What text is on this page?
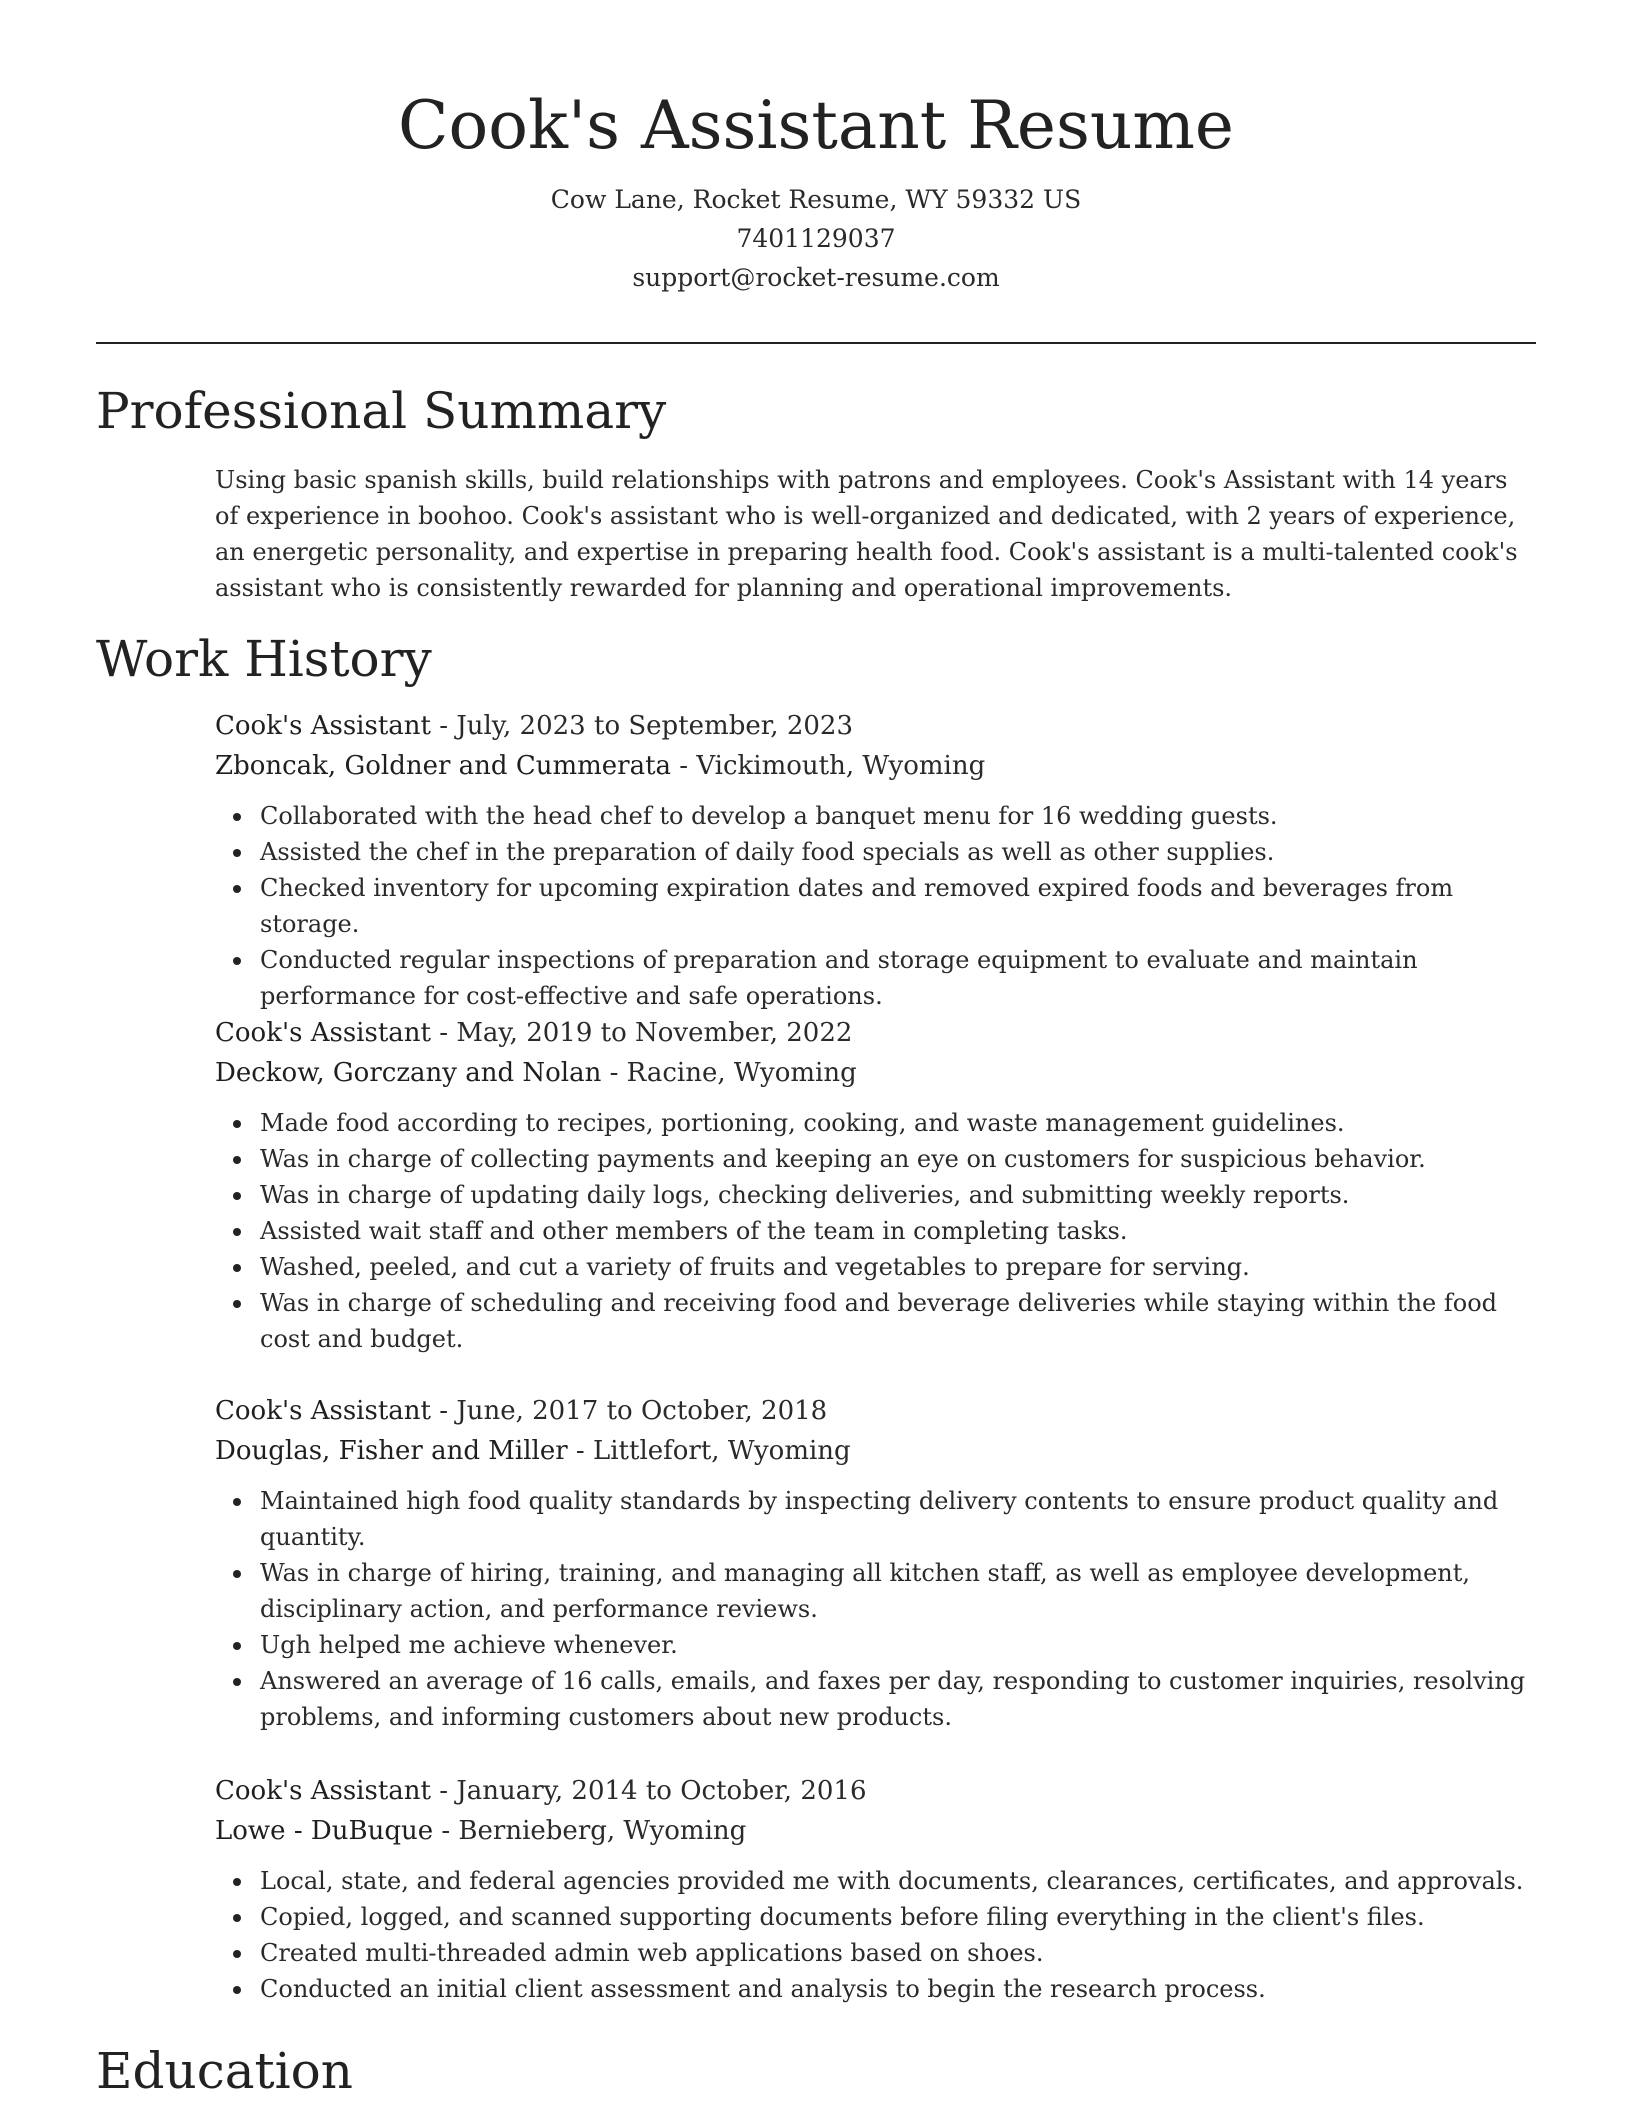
Cook's Assistant Resume
Cow Lane, Rocket Resume, WY 59332 US
7401129037
support@rocket-resume.com
Professional Summary
Using basic spanish skills, build relationships with patrons and employees. Cook's Assistant with 14 years of experience in boohoo. Cook's assistant who is well-organized and dedicated, with 2 years of experience, an energetic personality, and expertise in preparing health food. Cook's assistant is a multi-talented cook's assistant who is consistently rewarded for planning and operational improvements.
Work History
Cook's Assistant - July, 2023 to September, 2023
Zboncak, Goldner and Cummerata - Vickimouth, Wyoming
Collaborated with the head chef to develop a banquet menu for 16 wedding guests.
Assisted the chef in the preparation of daily food specials as well as other supplies.
Checked inventory for upcoming expiration dates and removed expired foods and beverages from storage.
Conducted regular inspections of preparation and storage equipment to evaluate and maintain performance for cost-effective and safe operations.
Cook's Assistant - May, 2019 to November, 2022
Deckow, Gorczany and Nolan - Racine, Wyoming
Made food according to recipes, portioning, cooking, and waste management guidelines.
Was in charge of collecting payments and keeping an eye on customers for suspicious behavior.
Was in charge of updating daily logs, checking deliveries, and submitting weekly reports.
Assisted wait staff and other members of the team in completing tasks.
Washed, peeled, and cut a variety of fruits and vegetables to prepare for serving.
Was in charge of scheduling and receiving food and beverage deliveries while staying within the food cost and budget.
Cook's Assistant - June, 2017 to October, 2018
Douglas, Fisher and Miller - Littlefort, Wyoming
Maintained high food quality standards by inspecting delivery contents to ensure product quality and quantity.
Was in charge of hiring, training, and managing all kitchen staff, as well as employee development, disciplinary action, and performance reviews.
Ugh helped me achieve whenever.
Answered an average of 16 calls, emails, and faxes per day, responding to customer inquiries, resolving problems, and informing customers about new products.
Cook's Assistant - January, 2014 to October, 2016
Lowe - DuBuque - Bernieberg, Wyoming
Local, state, and federal agencies provided me with documents, clearances, certificates, and approvals.
Copied, logged, and scanned supporting documents before filing everything in the client's files.
Created multi-threaded admin web applications based on shoes.
Conducted an initial client assessment and analysis to begin the research process.
Education
